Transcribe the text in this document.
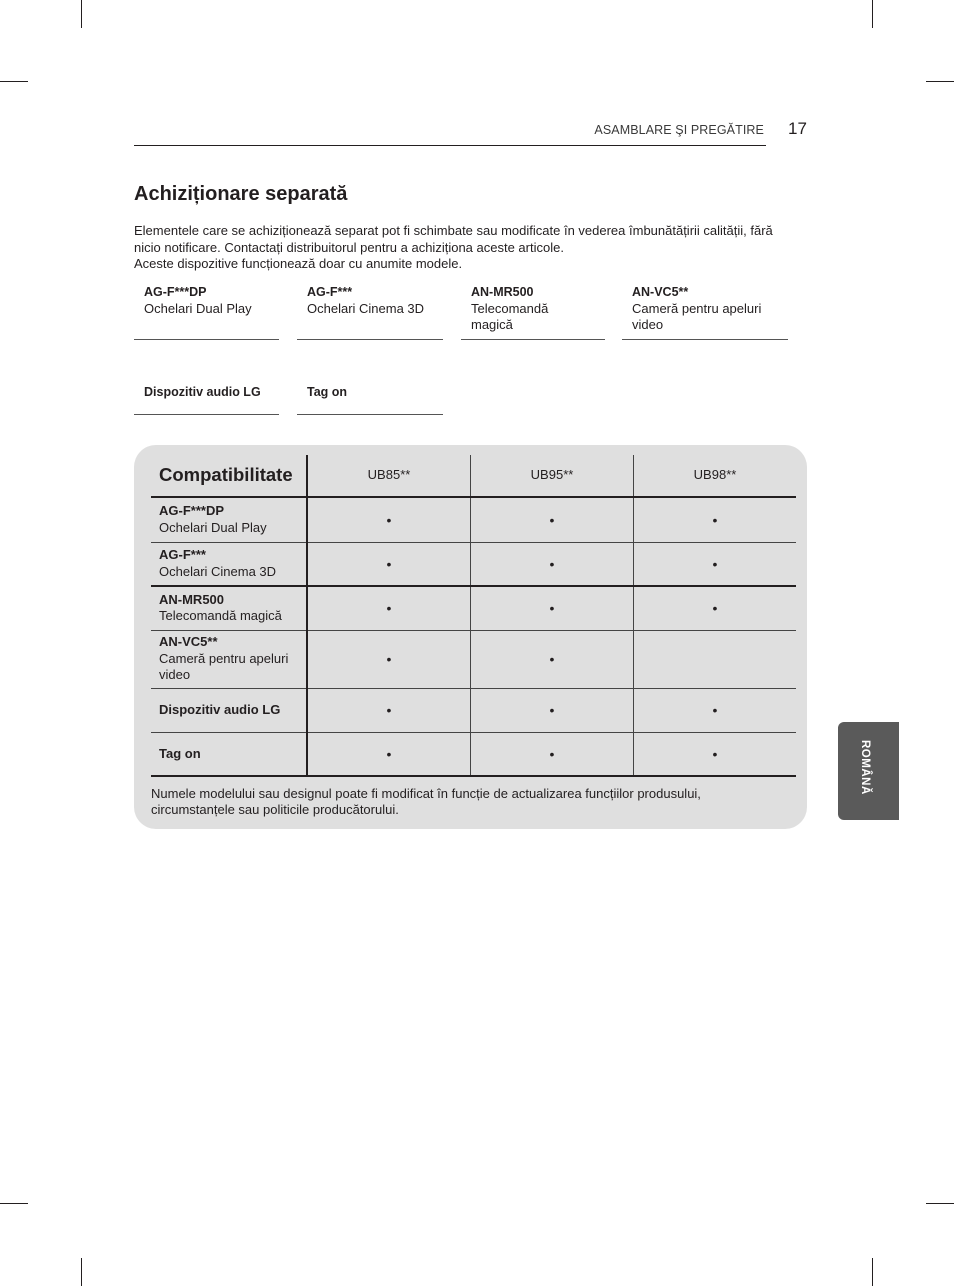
ASAMBLARE ŞI PREGĂTIRE 17
Achiziționare separată

Elementele care se achiziționează separat pot fi schimbate sau modificate în vederea îmbunătățirii calității, fără nicio notificare. Contactați distribuitorul pentru a achiziționa aceste articole.

Aceste dispozitive funcționează doar cu anumite modele.

AG-F***DP
Ochelari Dual Play
AG-F***
Ochelari Cinema 3D
AN-MR500
Telecomandă magică
AN-VC5**
Cameră pentru apeluri video
Dispozitiv audio LG	Tag on
Compatibilitate	UB85**	UB95**	UB98**

AG-F***DP
Ochelari Dual Play	•	•	•

AG-F***
Ochelari Cinema 3D	•	•	•

AN-MR500
Telecomandă magică	•	•	•

AN-VC5**
Cameră pentru apeluri video	•	•	

Dispozitiv audio LG	•	•	•

Tag on	•	•	•
Numele modelului sau designul poate fi modificat în funcție de actualizarea funcțiilor produsului, circumstanțele sau politicile producătorului.
ROMÂNĂ
